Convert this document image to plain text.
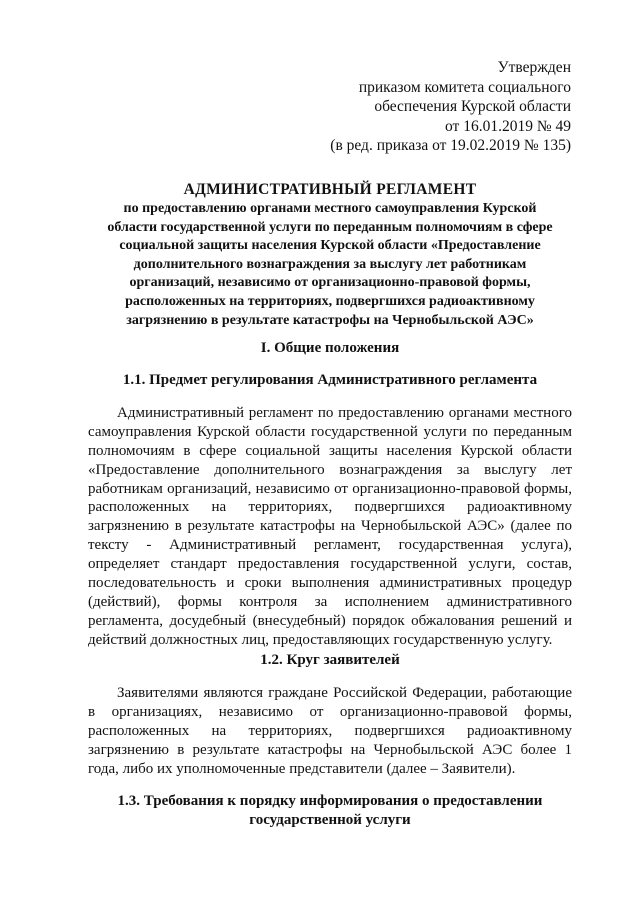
Утвержден
приказом комитета социального
обеспечения Курской области
от 16.01.2019 № 49
(в ред. приказа от 19.02.2019 № 135)
АДМИНИСТРАТИВНЫЙ РЕГЛАМЕНТ
по предоставлению органами местного самоуправления Курской
области государственной услуги по переданным полномочиям в сфере
социальной защиты населения Курской области «Предоставление
дополнительного вознаграждения за выслугу лет работникам
организаций, независимо от организационно-правовой формы,
расположенных на территориях, подвергшихся радиоактивному
загрязнению в результате катастрофы на Чернобыльской АЭС»
I. Общие положения
1.1. Предмет регулирования Административного регламента
Административный регламент по предоставлению органами местного
самоуправления Курской области государственной услуги по переданным
полномочиям в сфере социальной защиты населения Курской области
«Предоставление дополнительного вознаграждения за выслугу лет
работникам организаций, независимо от организационно-правовой формы,
расположенных на территориях, подвергшихся радиоактивному
загрязнению в результате катастрофы на Чернобыльской АЭС» (далее по
тексту - Административный регламент, государственная услуга),
определяет стандарт предоставления государственной услуги, состав,
последовательность и сроки выполнения административных процедур
(действий), формы контроля за исполнением административного
регламента, досудебный (внесудебный) порядок обжалования решений и
действий должностных лиц, предоставляющих государственную услугу.
1.2. Круг заявителей
Заявителями являются граждане Российской Федерации, работающие
в организациях, независимо от организационно-правовой формы,
расположенных на территориях, подвергшихся радиоактивному
загрязнению в результате катастрофы на Чернобыльской АЭС более 1
года, либо их уполномоченные представители (далее – Заявители).
1.3. Требования к порядку информирования о предоставлении
государственной услуги
